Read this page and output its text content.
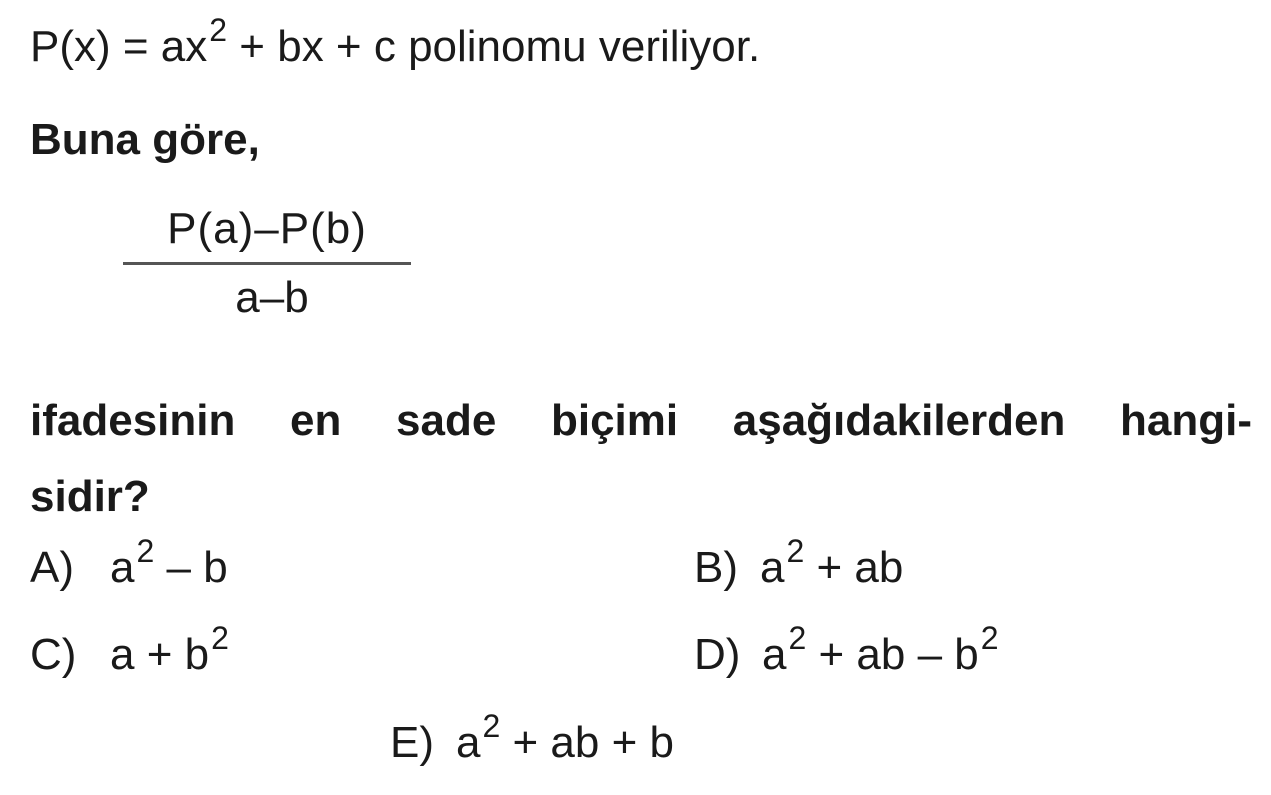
$P(x) = ax^2$ + bx + c polinomu veriliyor.
Buna göre,
P(a)–P(b)
a–b
ifadesinin en sade biçimi aşağıdakilerden hangi-
sidir?
A) $a^2$ – b	B) $a^2$ + ab
C) $a + b^2$	D) $a^2$ + ab – $b^2$
E) $a^2$ + ab + b
